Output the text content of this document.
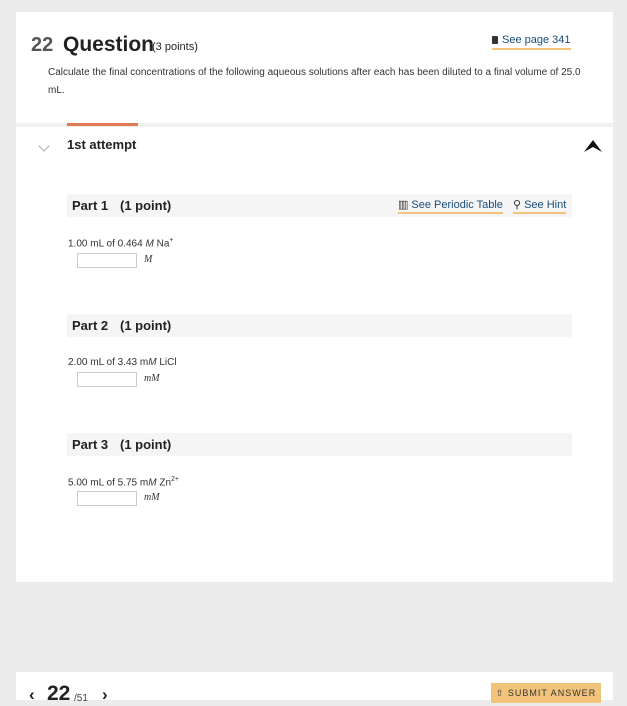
22 Question
(3 points)
See page 341
Calculate the final concentrations of the following aqueous solutions after each has been diluted to a final volume of 25.0 mL.
1st attempt
Part 1 (1 point)	▥ See Periodic Table ⚲ See Hint
1.00 mL of 0.464 M Na+
M
Part 2 (1 point)
2.00 mL of 3.43 mM LiCl
mM
Part 3 (1 point)
5.00 mL of 5.75 mM $Zn^{2+}$
mM
‹ 22 /51 ›	⇧ SUBMIT ANSWER
